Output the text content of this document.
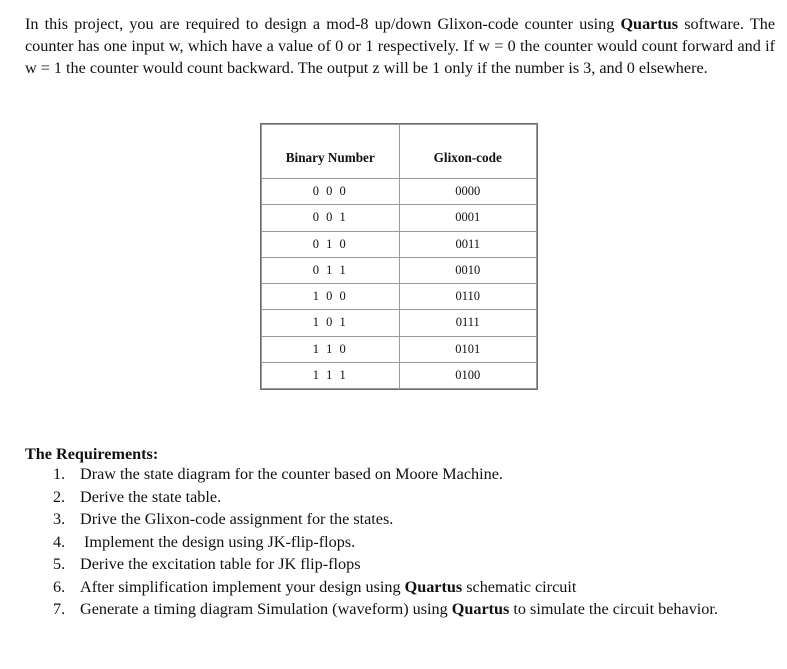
In this project, you are required to design a mod-8 up/down Glixon-code counter using Quartus software. The counter has one input w, which have a value of 0 or 1 respectively. If w = 0 the counter would count forward and if w = 1 the counter would count backward. The output z will be 1 only if the number is 3, and 0 elsewhere.
Binary Number	Glixon-code
0 0 0	0000
0 0 1	0001
0 1 0	0011
0 1 1	0010
1 0 0	0110
1 0 1	0111
1 1 0	0101
1 1 1	0100
The Requirements:
1. Draw the state diagram for the counter based on Moore Machine.
2. Derive the state table.
3. Drive the Glixon-code assignment for the states.
4. Implement the design using JK-flip-flops.
5. Derive the excitation table for JK flip-flops
6. After simplification implement your design using Quartus schematic circuit
7. Generate a timing diagram Simulation (waveform) using Quartus to simulate the circuit behavior.
